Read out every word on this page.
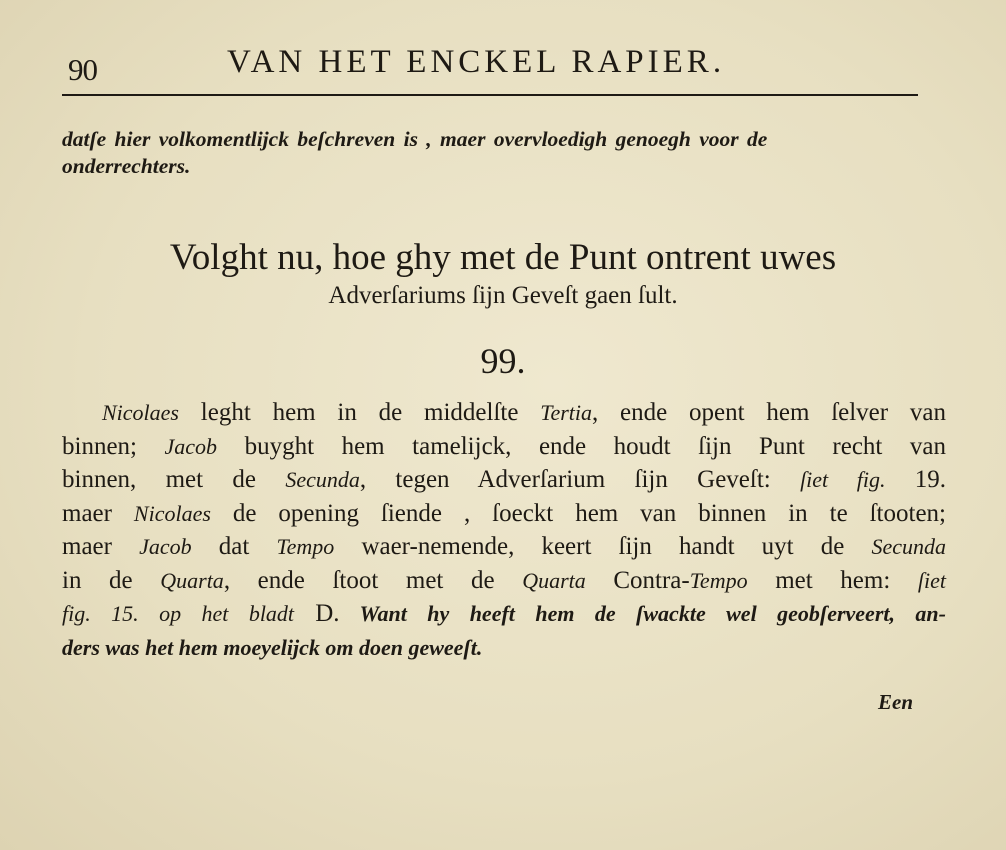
90	VAN HET ENCKEL RAPIER.
datſe hier volkomentlijck beſchreven is , maer overvloedigh genoegh voor de
onderrechters.
Volght nu, hoe ghy met de Punt ontrent uwes
Adverſariums ſijn Geveſt gaen ſult.
99.
Nicolaes leght hem in de middelſte Tertia, ende opent hem ſelver van
binnen; Jacob buyght hem tamelijck, ende houdt ſijn Punt recht van
binnen, met de Secunda, tegen Adverſarium ſijn Geveſt: ſiet fig. 19.
maer Nicolaes de opening ſiende , ſoeckt hem van binnen in te ſtooten;
maer Jacob dat Tempo waer-nemende, keert ſijn handt uyt de Secunda
in de Quarta, ende ſtoot met de Quarta Contra-Tempo met hem: ſiet
fig. 15. op het bladt D. Want hy heeft hem de ſwackte wel geobſerveert, an-
ders was het hem moeyelijck om doen geweeſt.
Een
